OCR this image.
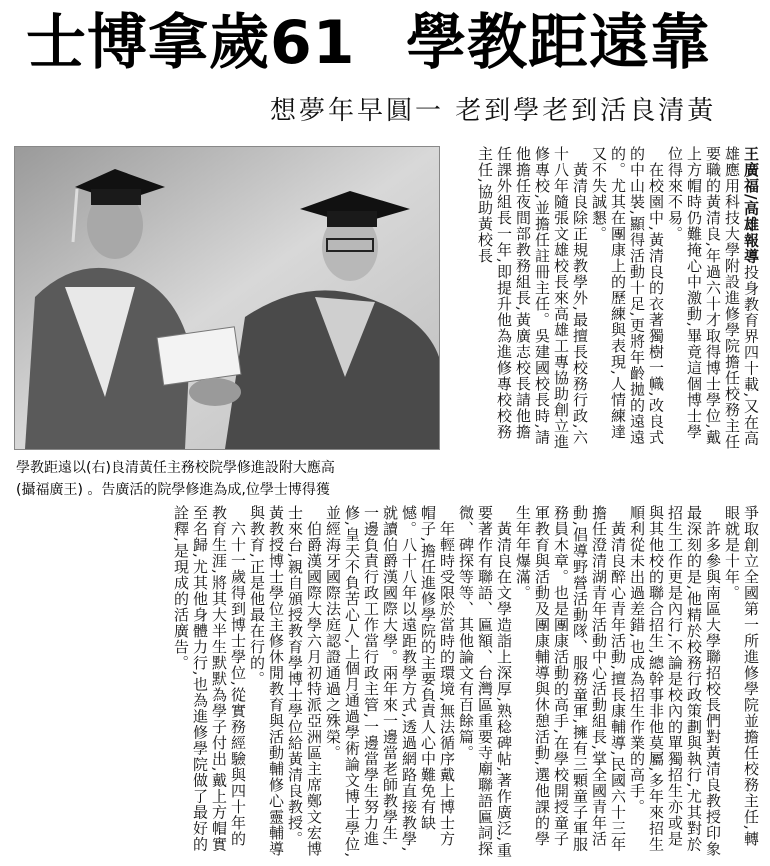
士博拿歲61 學教距遠靠
想夢年早圓一 老到學老到活良清黃
學教距遠以(右)良清黃任主務校院學修進設附大應高
(攝福廣王) 。告廣活的院學修進為成,位學士博得獲
王廣福/高雄報導投身教育界四十載,又在高雄應用科技大學附設進修學院擔任校務主任要職的黃清良,年過六十才取得博士學位,戴上方帽時仍難掩心中激動,畢竟這個博士學位得來不易。
　在校園中,黃清良的衣著獨樹一幟,改良式的中山裝,顯得活動十足,更將年齡拋的遠遠的。尤其在團康上的歷練與表現,人情練達又不失誠懇。
　黃清良除正規教學外,最擅長校務行政,六十八年隨張文雄校長來高雄工專協助創立進修專校,並擔任註冊主任。吳建國校長時,請他擔任夜間部教務組長,黃廣志校長請他擔任課外組長一年,即提升他為進修專校校務主任,協助黃校長
爭取創立全國第一所進修學院並擔任校務主任,轉眼就是十年。
　許多參與南區大學聯招校長們對黃清良教授印象最深刻的是,他精於校務行政策劃與執行,尤其對於招生工作更是內行,不論是校內的單獨招生亦或是與其他校的聯合招生,總幹事非他莫屬,多年來招生順利從未出過差錯,也成為招生作業的高手。
　黃清良醉心青年活動,擅長康輔導,民國六十三年擔任澄清湖青年活動中心活動組長,掌全國青年活動,倡導野營活動隊、服務童軍,擁有三顆童子軍服務員木章。也是團康活動的高手,在學校開授童子軍教育與活動及團康輔導與休憩活動,選他課的學生年年爆滿。
　黃清良在文學造詣上深厚,熟稔碑帖,著作廣泛,重要著作有聯語、匾額、台灣區重要寺廟聯語匾詞探微、碑探等等、其他論文有百餘篇。
　年輕時受限於當時的環境,無法循序戴上博士方帽子,擔任進修學院的主要負責人心中難免有缺憾。八十八年以遠距教學方式,透過網路直接教學,就讀伯爵漢國際大學。兩年來一邊當老師教學生,一邊負責行政工作當行政主管,一邊當學生努力進修,皇天不負苦心人,上個月通過學術論文博士學位,並經海牙國際法庭認證通過之殊榮。
　伯爵漢國際大學六月初特派亞洲區主席鄭文宏博士來台,親自頒授教育學博士學位給黃清良教授。黃教授博士學位主修休閒教育與活動輔修心靈輔導與教育,正是他最在行的。
　六十一歲得到博士學位,從實務經驗與四十年的教育生涯,將其大半生默默為學子付出,戴上方帽實至名歸,尤其他身體力行,也為進修學院做了最好的詮釋,是現成的活廣告。
